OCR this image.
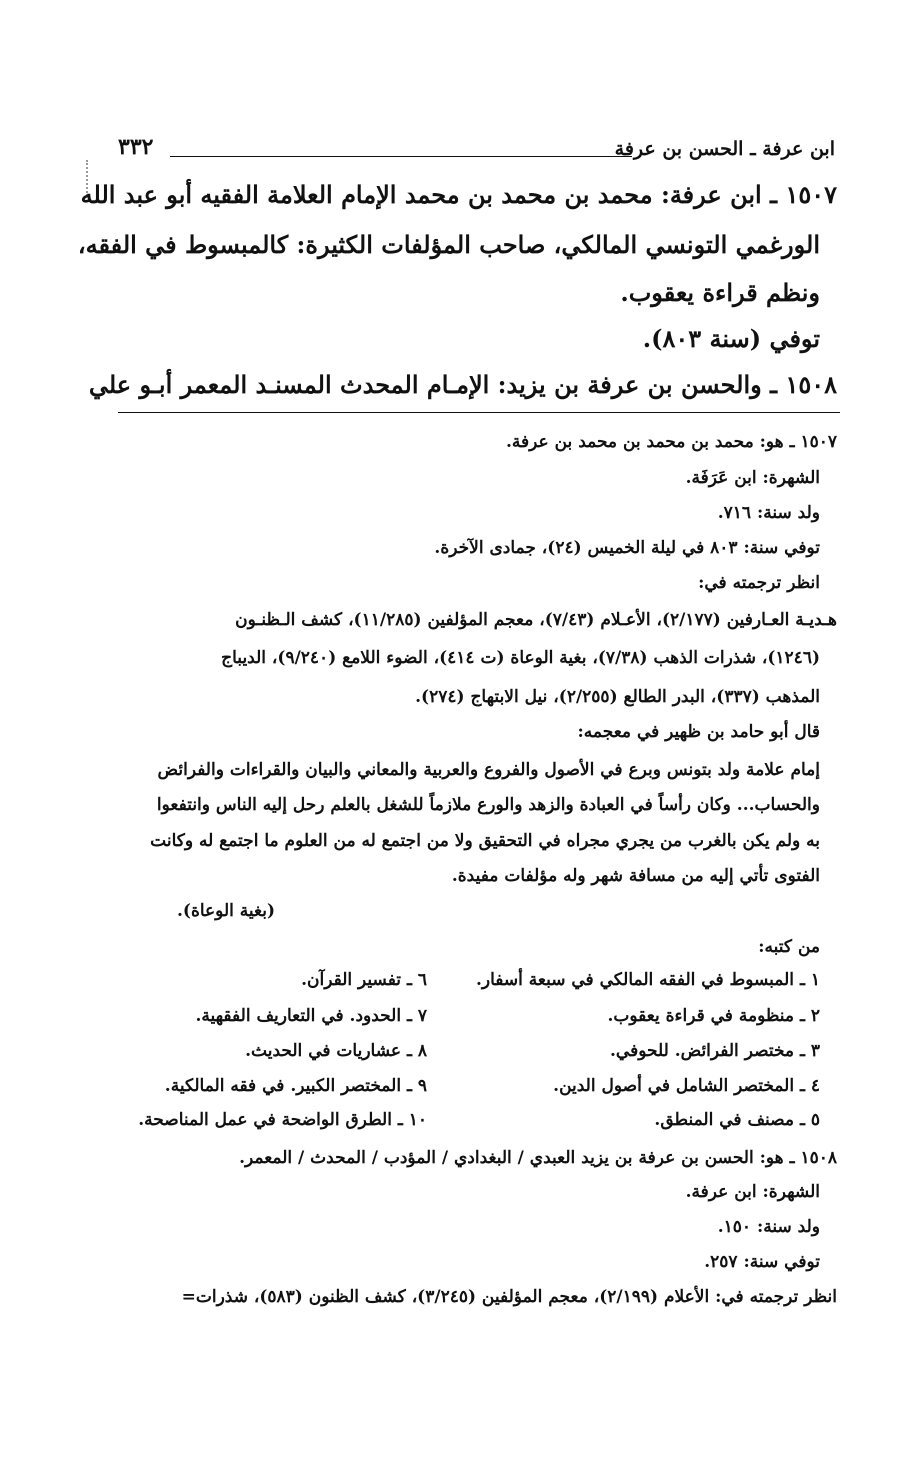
ابن عرفة ـ الحسن بن عرفة
٣٣٢
١٥٠٧ ـ ابن عرفة: محمد بن محمد بن محمد الإمام العلامة الفقيه أبو عبد الله
الورغمي التونسي المالكي، صاحب المؤلفات الكثيرة: كالمبسوط في الفقه،
ونظم قراءة يعقوب.
توفي (سنة ٨٠٣).
١٥٠٨ ـ والحسن بن عرفة بن يزيد: الإمـام المحدث المسنـد المعمر أبـو علي
١٥٠٧ ـ هو: محمد بن محمد بن محمد بن عرفة.
الشهرة: ابن عَرَفَة.
ولد سنة: ٧١٦.
توفي سنة: ٨٠٣ في ليلة الخميس (٢٤)، جمادى الآخرة.
انظر ترجمته في:
هـديـة العـارفين (٢/١٧٧)، الأعـلام (٧/٤٣)، معجم المؤلفين (١١/٢٨٥)، كشف الـظنـون
(١٢٤٦)، شذرات الذهب (٧/٣٨)، بغية الوعاة (ت ٤١٤)، الضوء اللامع (٩/٢٤٠)، الديباج
المذهب (٣٣٧)، البدر الطالع (٢/٢٥٥)، نيل الابتهاج (٢٧٤).
قال أبو حامد بن ظهير في معجمه:
إمام علامة ولد بتونس وبرع في الأصول والفروع والعربية والمعاني والبيان والقراءات والفرائض
والحساب... وكان رأساً في العبادة والزهد والورع ملازماً للشغل بالعلم رحل إليه الناس وانتفعوا
به ولم يكن بالغرب من يجري مجراه في التحقيق ولا من اجتمع له من العلوم ما اجتمع له وكانت
الفتوى تأتي إليه من مسافة شهر وله مؤلفات مفيدة.
(بغية الوعاة).
من كتبه:
١ ـ المبسوط في الفقه المالكي في سبعة أسفار.
٢ ـ منظومة في قراءة يعقوب.
٣ ـ مختصر الفرائض. للحوفي.
٤ ـ المختصر الشامل في أصول الدين.
٥ ـ مصنف في المنطق.
٦ ـ تفسير القرآن.
٧ ـ الحدود. في التعاريف الفقهية.
٨ ـ عشاريات في الحديث.
٩ ـ المختصر الكبير. في فقه المالكية.
١٠ ـ الطرق الواضحة في عمل المناصحة.
١٥٠٨ ـ هو: الحسن بن عرفة بن يزيد العبدي / البغدادي / المؤدب / المحدث / المعمر.
الشهرة: ابن عرفة.
ولد سنة: ١٥٠.
توفي سنة: ٢٥٧.
انظر ترجمته في: الأعلام (٢/١٩٩)، معجم المؤلفين (٣/٢٤٥)، كشف الظنون (٥٨٣)، شذرات=
